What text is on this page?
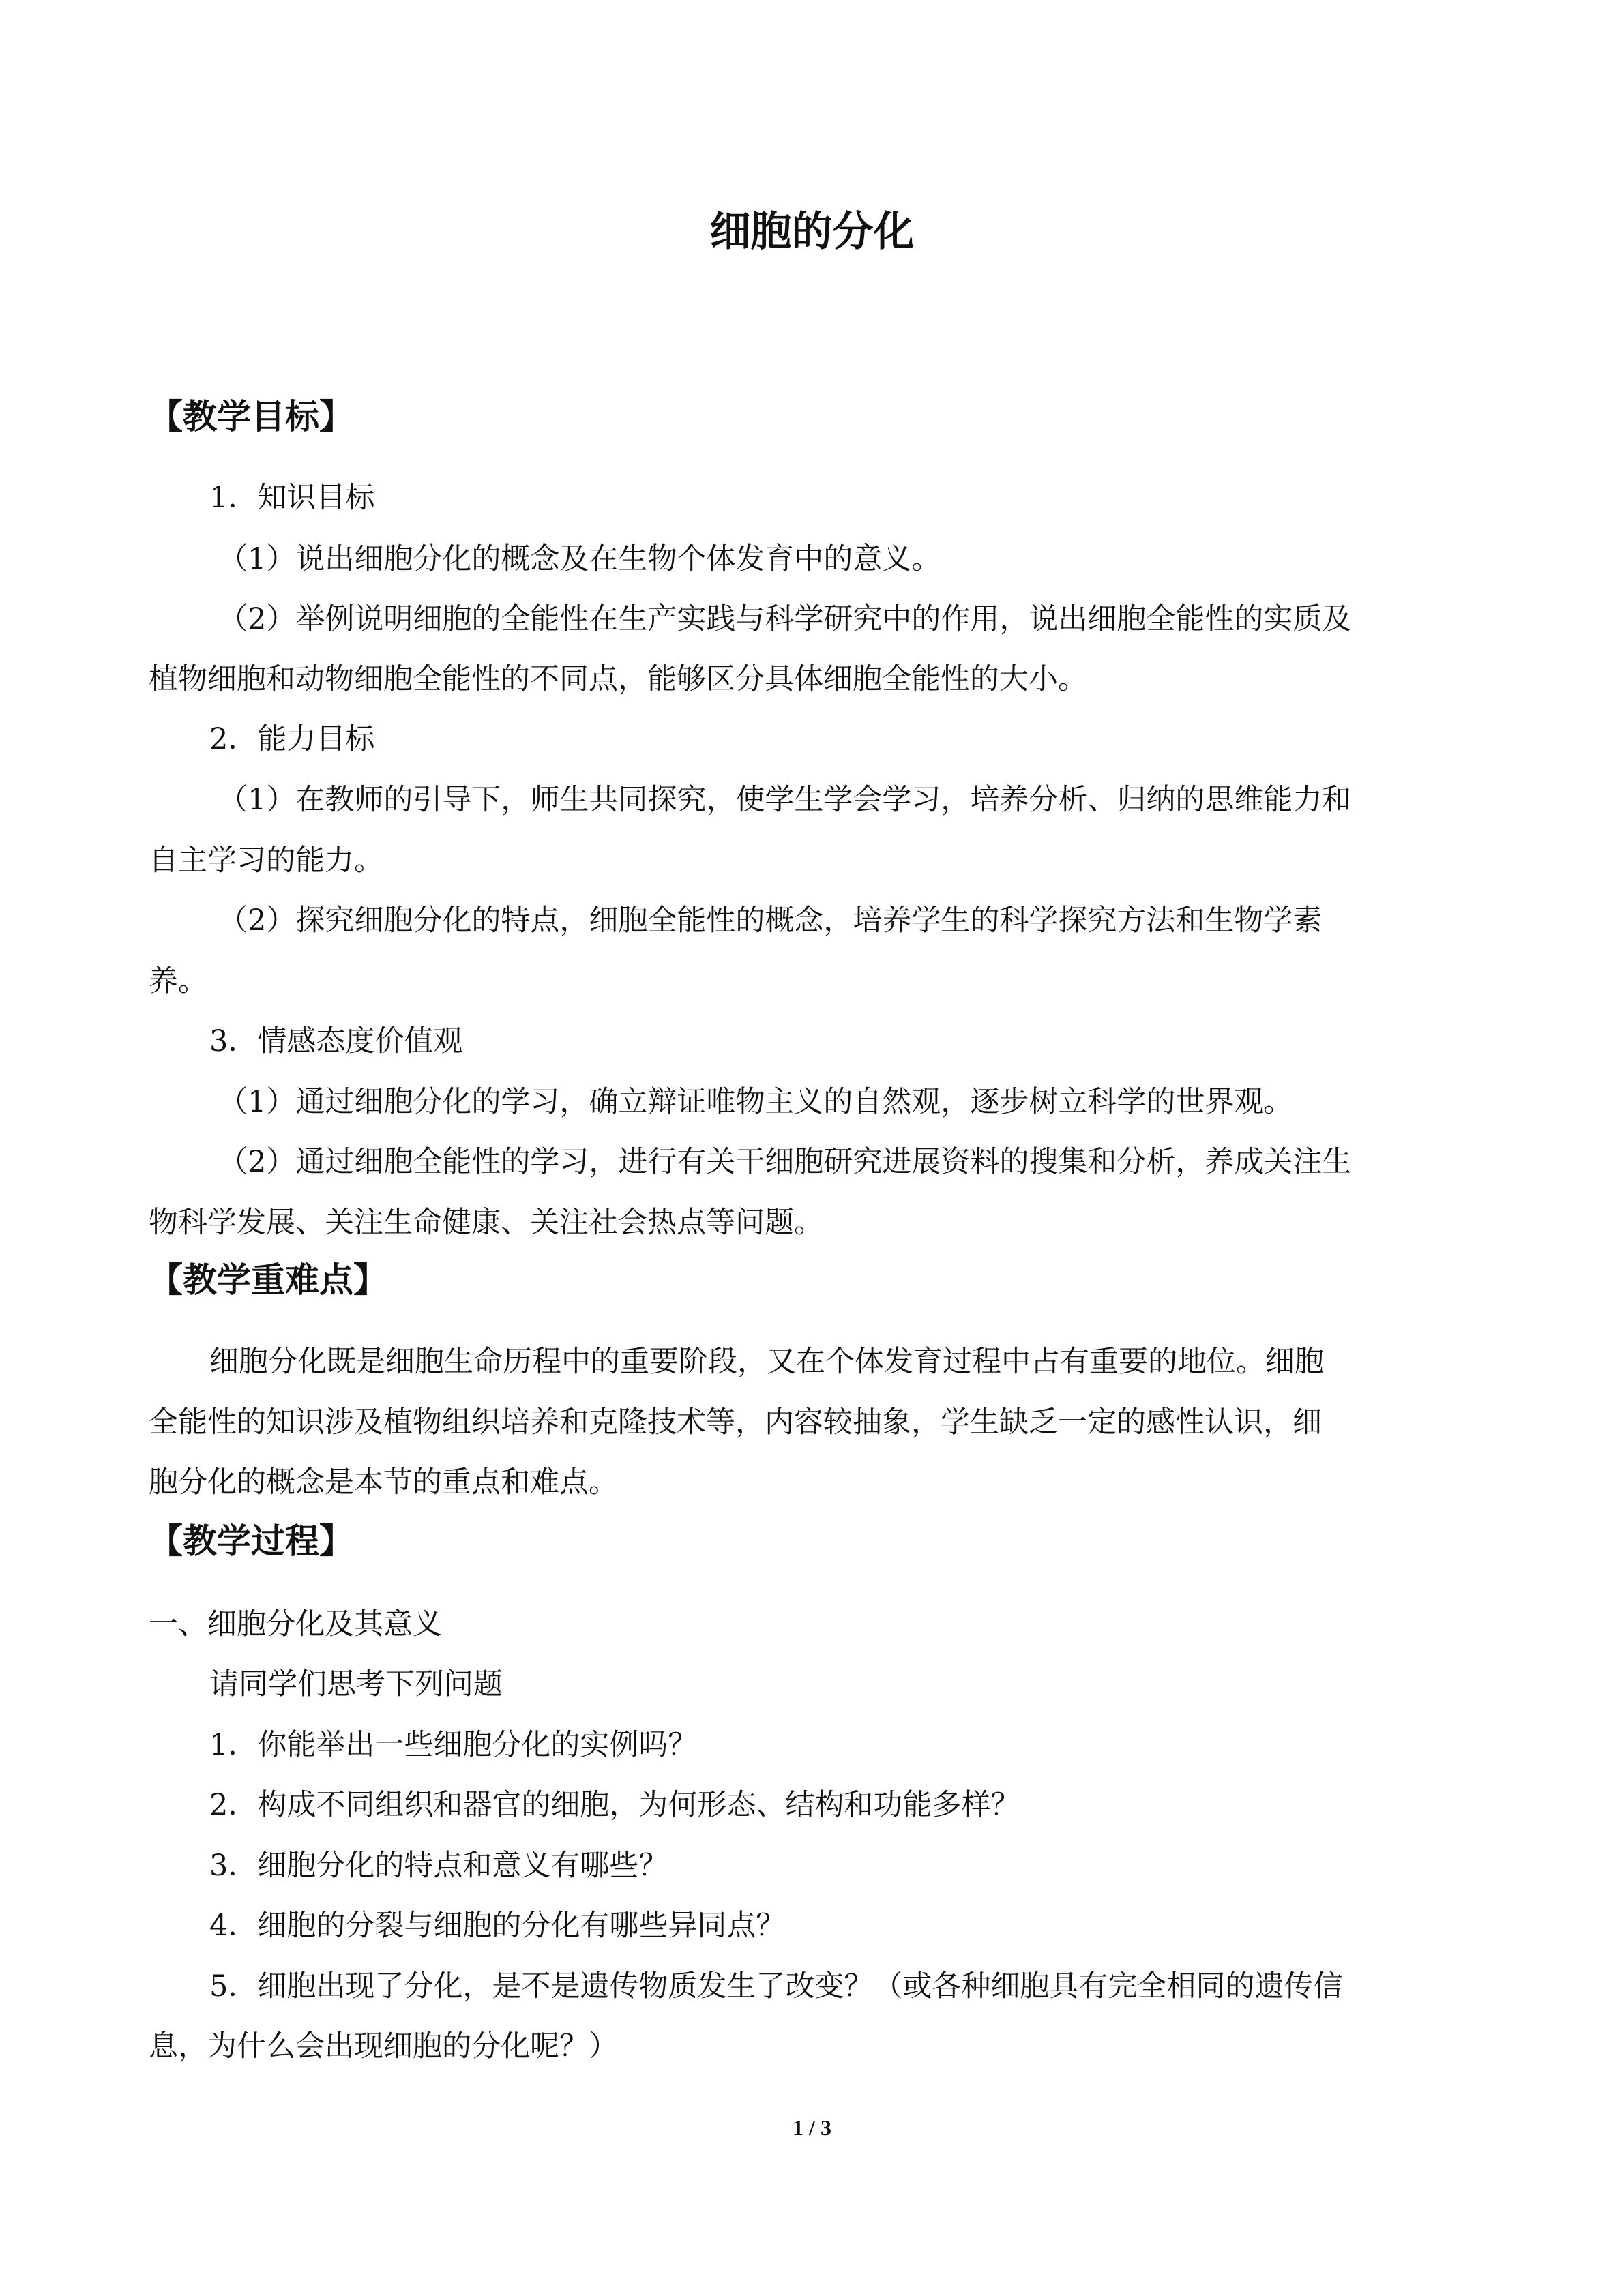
细胞的分化
【教学目标】
1．知识目标
（1）说出细胞分化的概念及在生物个体发育中的意义。
（2）举例说明细胞的全能性在生产实践与科学研究中的作用，说出细胞全能性的实质及
植物细胞和动物细胞全能性的不同点，能够区分具体细胞全能性的大小。
2．能力目标
（1）在教师的引导下，师生共同探究，使学生学会学习，培养分析、归纳的思维能力和
自主学习的能力。
（2）探究细胞分化的特点，细胞全能性的概念，培养学生的科学探究方法和生物学素
养。
3．情感态度价值观
（1）通过细胞分化的学习，确立辩证唯物主义的自然观，逐步树立科学的世界观。
（2）通过细胞全能性的学习，进行有关干细胞研究进展资料的搜集和分析，养成关注生
物科学发展、关注生命健康、关注社会热点等问题。
【教学重难点】
细胞分化既是细胞生命历程中的重要阶段，又在个体发育过程中占有重要的地位。细胞
全能性的知识涉及植物组织培养和克隆技术等，内容较抽象，学生缺乏一定的感性认识，细
胞分化的概念是本节的重点和难点。
【教学过程】
一、细胞分化及其意义
请同学们思考下列问题
1．你能举出一些细胞分化的实例吗？
2．构成不同组织和器官的细胞，为何形态、结构和功能多样？
3．细胞分化的特点和意义有哪些？
4．细胞的分裂与细胞的分化有哪些异同点？
5．细胞出现了分化，是不是遗传物质发生了改变？（或各种细胞具有完全相同的遗传信
息，为什么会出现细胞的分化呢？）
1 / 3
